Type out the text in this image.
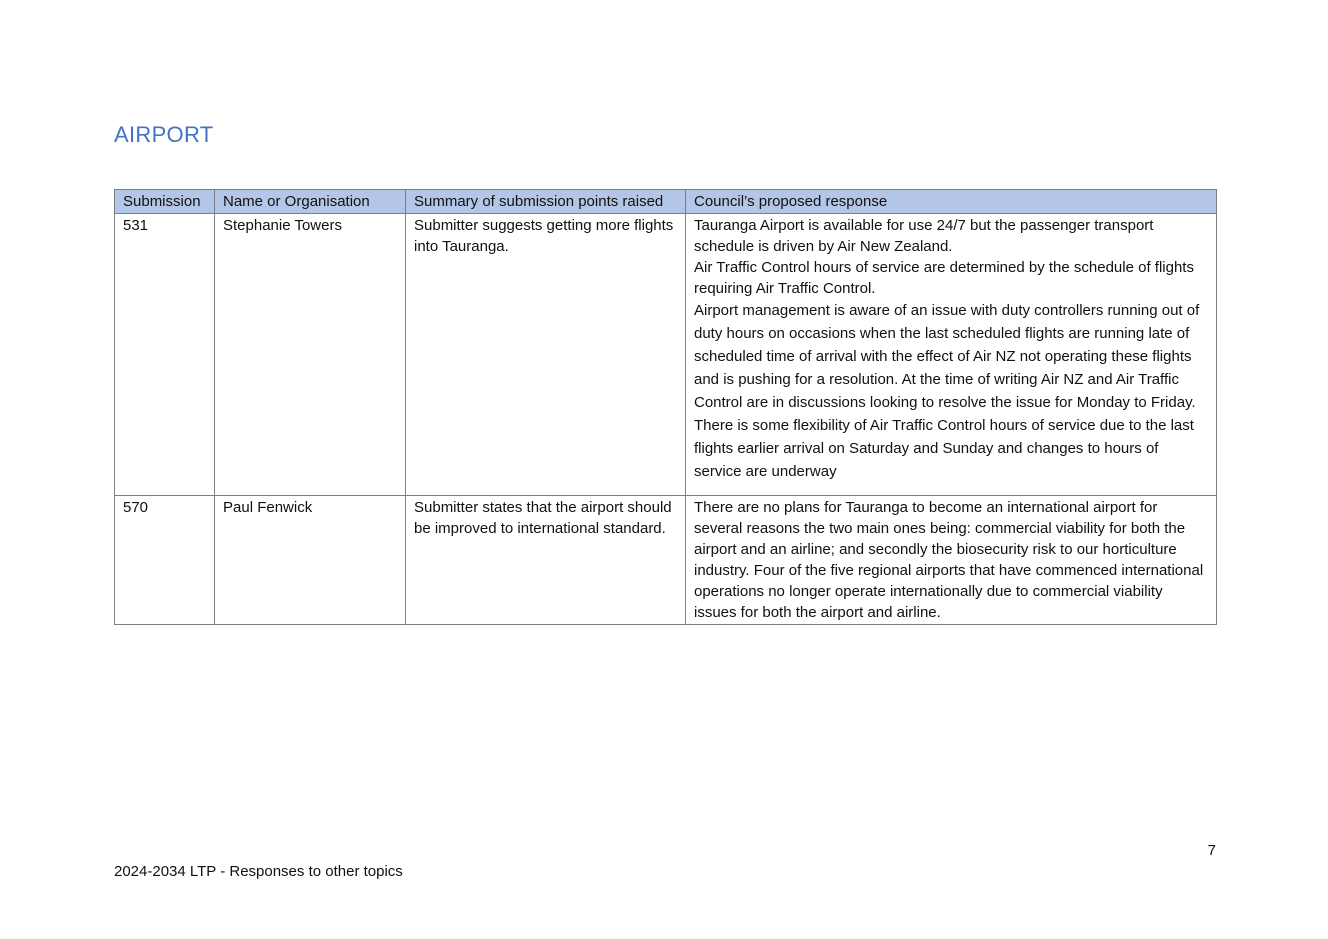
AIRPORT
Submission	Name or Organisation	Summary of submission points raised	Council’s proposed response
531	Stephanie Towers	Submitter suggests getting more flights into Tauranga.	Tauranga Airport is available for use 24/7 but the passenger transport schedule is driven by Air New Zealand.

Air Traffic Control hours of service are determined by the schedule of flights requiring Air Traffic Control.

Airport management is aware of an issue with duty controllers running out of duty hours on occasions when the last scheduled flights are running late of scheduled time of arrival with the effect of Air NZ not operating these flights and is pushing for a resolution. At the time of writing Air NZ and Air Traffic Control are in discussions looking to resolve the issue for Monday to Friday. There is some flexibility of Air Traffic Control hours of service due to the last flights earlier arrival on Saturday and Sunday and changes to hours of service are underway

570	Paul Fenwick	Submitter states that the airport should be improved to international standard.	There are no plans for Tauranga to become an international airport for several reasons the two main ones being: commercial viability for both the airport and an airline; and secondly the biosecurity risk to our horticulture industry. Four of the five regional airports that have commenced international operations no longer operate internationally due to commercial viability issues for both the airport and airline.

7
2024-2034 LTP - Responses to other topics
